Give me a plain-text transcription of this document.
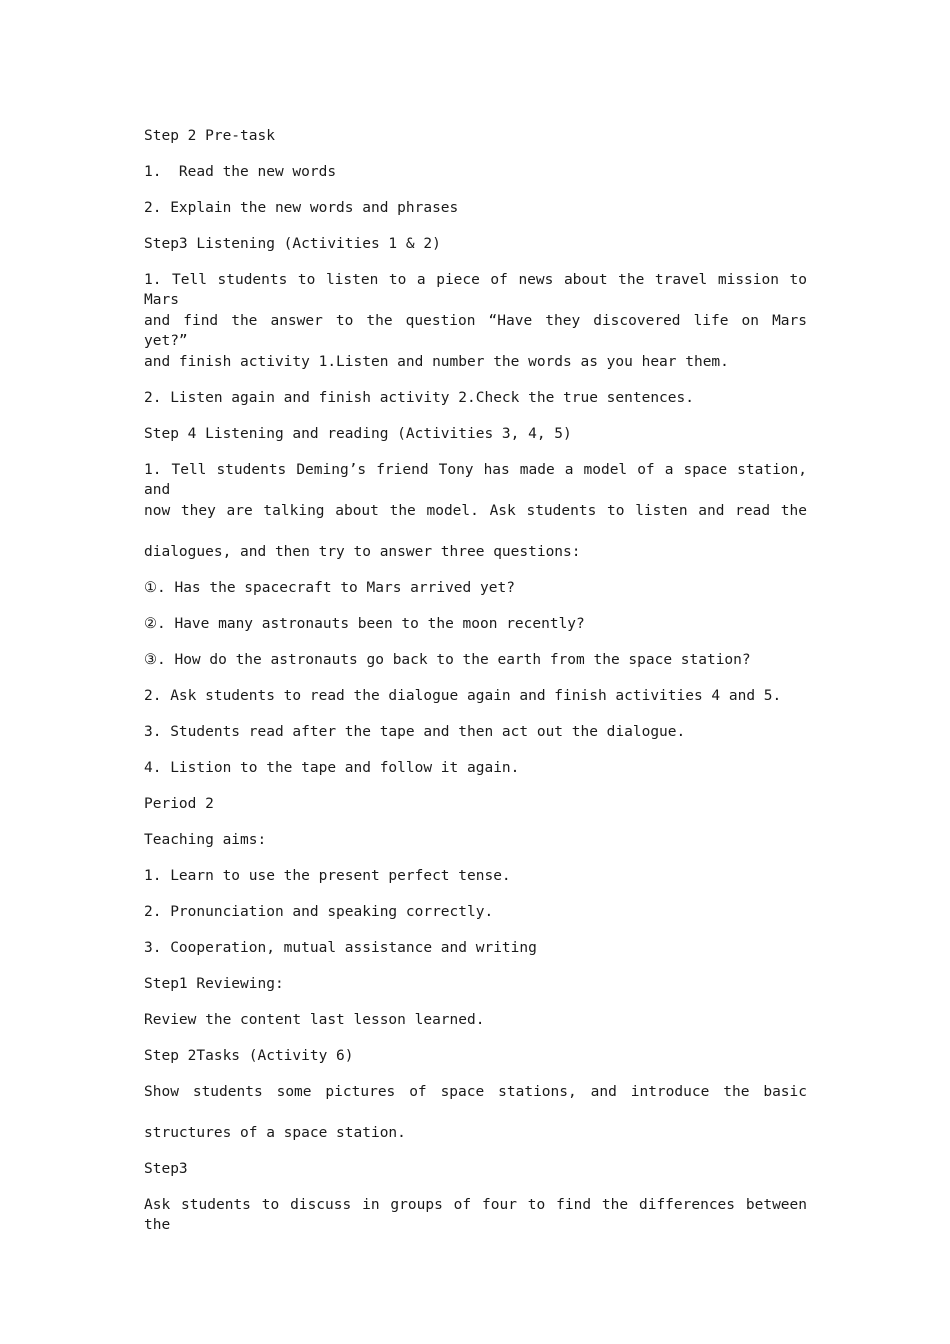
Step 2 Pre-task

1.  Read the new words

2. Explain the new words and phrases

Step3 Listening (Activities 1 & 2)

1. Tell students to listen to a piece of news about the travel mission to Mars

and find the answer to the question “Have they discovered life on Mars yet?”

and finish activity 1.Listen and number the words as you hear them.

2. Listen again and finish activity 2.Check the true sentences.

Step 4 Listening and reading (Activities 3, 4, 5)

1. Tell students Deming’s friend Tony has made a model of a space station, and

now they are talking about the model. Ask students to listen and read the

dialogues, and then try to answer three questions:

①. Has the spacecraft to Mars arrived yet?

②. Have many astronauts been to the moon recently?

③. How do the astronauts go back to the earth from the space station?

2. Ask students to read the dialogue again and finish activities 4 and 5.

3. Students read after the tape and then act out the dialogue.

4. Listion to the tape and follow it again.

Period 2

Teaching aims:

1. Learn to use the present perfect tense.

2. Pronunciation and speaking correctly.

3. Cooperation, mutual assistance and writing

Step1 Reviewing:

Review the content last lesson learned.

Step 2Tasks (Activity 6)

Show students some pictures of space stations, and introduce the basic

structures of a space station.

Step3

Ask students to discuss in groups of four to find the differences between the
